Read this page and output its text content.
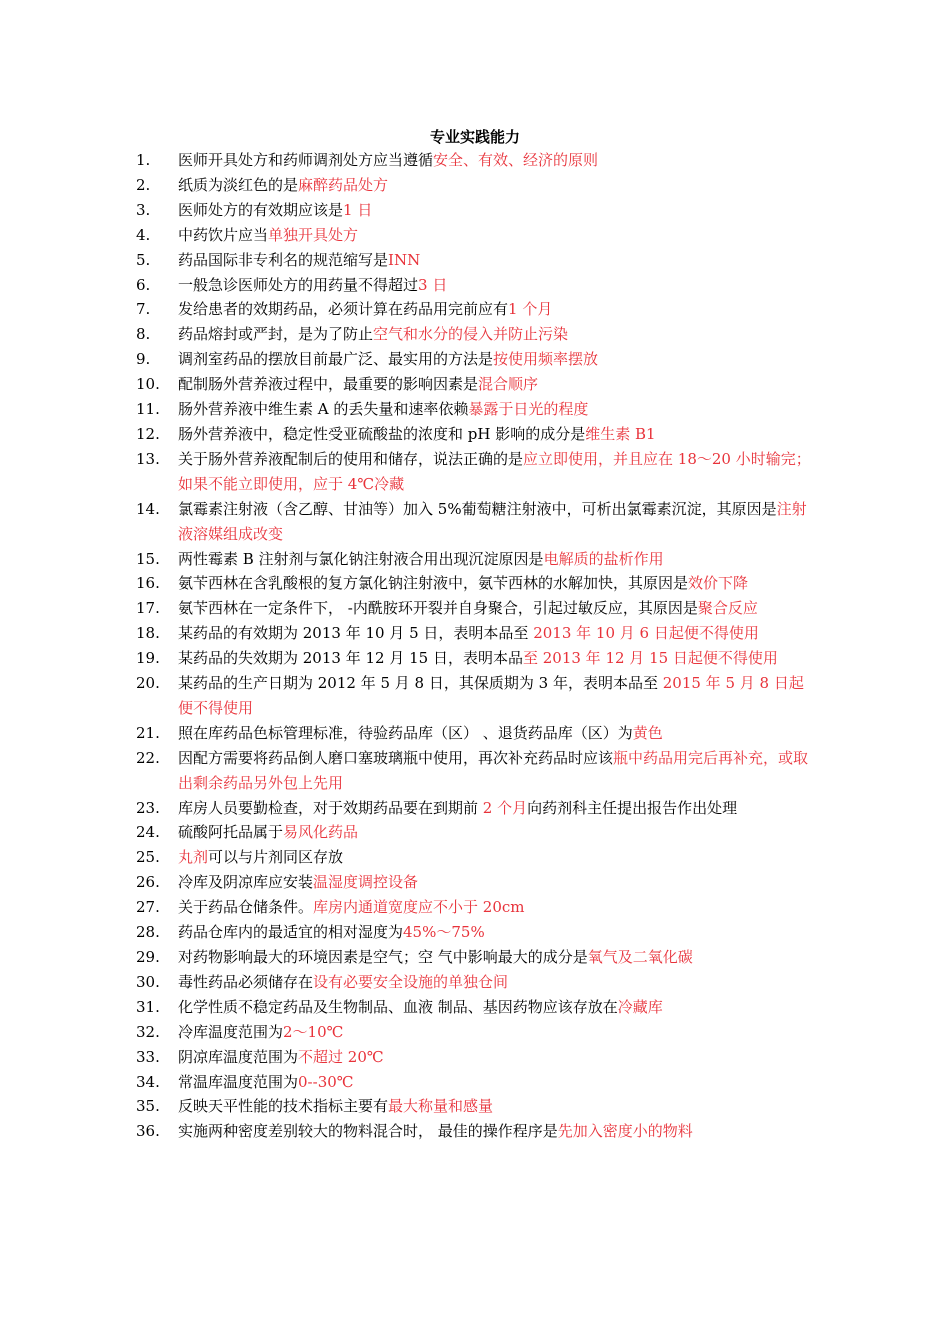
专业实践能力
1.	医师开具处方和药师调剂处方应当遵循安全、有效、经济的原则
2.	纸质为淡红色的是麻醉药品处方
3.	医师处方的有效期应该是1 日
4.	中药饮片应当单独开具处方
5.	药品国际非专利名的规范缩写是INN
6.	一般急诊医师处方的用药量不得超过3 日
7.	发给患者的效期药品，必须计算在药品用完前应有1 个月
8.	药品熔封或严封，是为了防止空气和水分的侵入并防止污染
9.	调剂室药品的摆放目前最广泛、最实用的方法是按使用频率摆放
10.	配制肠外营养液过程中，最重要的影响因素是混合顺序
11.	肠外营养液中维生素 A 的丢失量和速率依赖暴露于日光的程度
12.	肠外营养液中，稳定性受亚硫酸盐的浓度和 pH 影响的成分是维生素 B1
13.	关于肠外营养液配制后的使用和储存，说法正确的是应立即使用，并且应在 18～20 小时输完；如果不能立即使用，应于 4℃冷藏
14.	氯霉素注射液（含乙醇、甘油等）加入 5%葡萄糖注射液中，可析出氯霉素沉淀，其原因是注射液溶媒组成改变
15.	两性霉素 B 注射剂与氯化钠注射液合用出现沉淀原因是电解质的盐析作用
16.	氨苄西林在含乳酸根的复方氯化钠注射液中，氨苄西林的水解加快，其原因是效价下降
17.	氨苄西林在一定条件下， -内酰胺环开裂并自身聚合，引起过敏反应，其原因是聚合反应
18.	某药品的有效期为 2013 年 10 月 5 日，表明本品至 2013 年 10 月 6 日起便不得使用
19.	某药品的失效期为 2013 年 12 月 15 日，表明本品至 2013 年 12 月 15 日起便不得使用
20.	某药品的生产日期为 2012 年 5 月 8 日，其保质期为 3 年，表明本品至 2015 年 5 月 8 日起便不得使用
21.	照在库药品色标管理标准，待验药品库（区） 、退货药品库（区）为黄色
22.	因配方需要将药品倒人磨口塞玻璃瓶中使用，再次补充药品时应该瓶中药品用完后再补充，或取出剩余药品另外包上先用
23.	库房人员要勤检查，对于效期药品要在到期前 2 个月向药剂科主任提出报告作出处理
24.	硫酸阿托品属于易风化药品
25.	丸剂可以与片剂同区存放
26.	冷库及阴凉库应安装温湿度调控设备
27.	关于药品仓储条件。库房内通道宽度应不小于 20cm
28.	药品仓库内的最适宜的相对湿度为45%～75%
29.	对药物影响最大的环境因素是空气；空 气中影响最大的成分是氧气及二氧化碳
30.	毒性药品必须储存在设有必要安全设施的单独仓间
31.	化学性质不稳定药品及生物制品、血液 制品、基因药物应该存放在冷藏库
32.	冷库温度范围为2～10℃
33.	阴凉库温度范围为不超过 20℃
34.	常温库温度范围为0--30℃
35.	反映天平性能的技术指标主要有最大称量和感量
36.	实施两种密度差别较大的物料混合时， 最佳的操作程序是先加入密度小的物料
